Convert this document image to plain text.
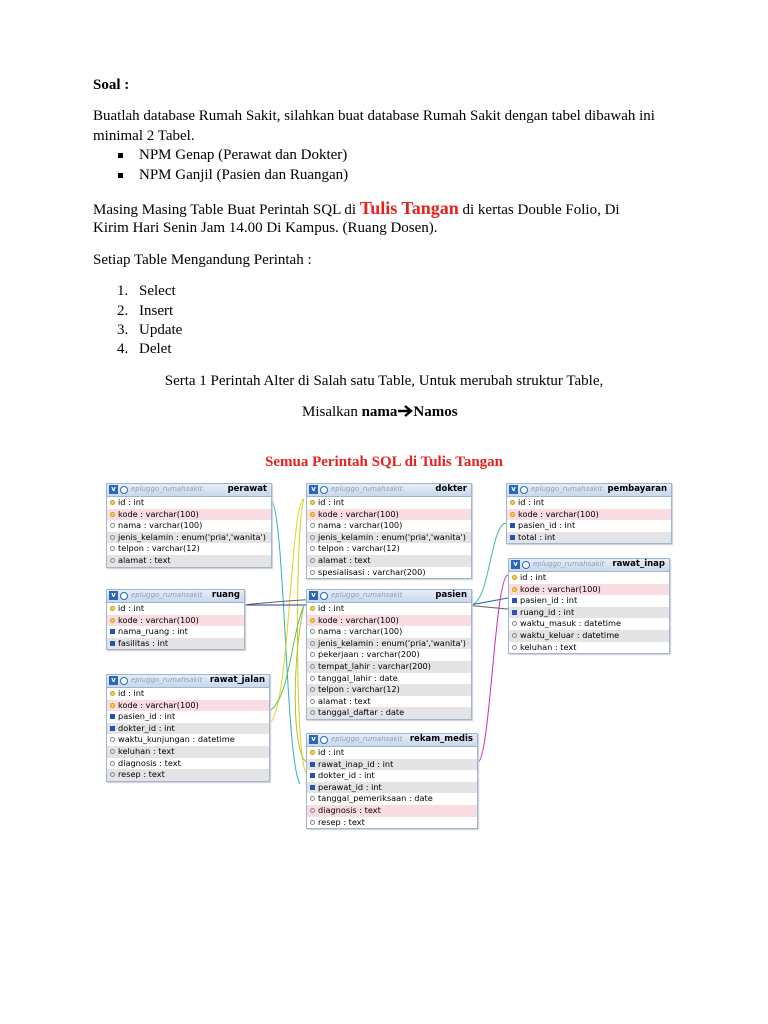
Soal :
Buatlah database Rumah Sakit, silahkan buat database Rumah Sakit dengan tabel dibawah ini
minimal 2 Tabel.
NPM Genap (Perawat dan Dokter)
NPM Ganjil (Pasien dan Ruangan)
Masing Masing Table Buat Perintah SQL di Tulis Tangan di kertas Double Folio, Di
Kirim Hari Senin Jam 14.00 Di Kampus. (Ruang Dosen).
Setiap Table Mengandung Perintah :
1. Select
2. Insert
3. Update
4. Delet
Serta 1 Perintah Alter di Salah satu Table, Untuk merubah struktur Table,
Misalkan nama Namos
Semua Perintah SQL di Tulis Tangan
v	epluggo_rumahsakit	perawat
id : int
kode : varchar(100)
nama : varchar(100)
jenis_kelamin : enum('pria','wanita')
telpon : varchar(12)
alamat : text
v	epluggo_rumahsakit	dokter
id : int
kode : varchar(100)
nama : varchar(100)
jenis_kelamin : enum('pria','wanita')
telpon : varchar(12)
alamat : text
spesialisasi : varchar(200)
v	epluggo_rumahsakit pembayaran
id : int
kode : varchar(100)
pasien_id : int
total : int
v	epluggo_rumahsakit ruang
id : int
kode : varchar(100)
nama_ruang : int
fasilitas : int
v	epluggo_rumahsakit	pasien
id : int
kode : varchar(100)
nama : varchar(100)
jenis_kelamin : enum('pria','wanita')
pekerjaan : varchar(200)
tempat_lahir : varchar(200)
tanggal_lahir : date
telpon : varchar(12)
alamat : text
tanggal_daftar : date
v	epluggo_rumahsakit rawat_inap
id : int
kode : varchar(100)
pasien_id : int
ruang_id : int
waktu_masuk : datetime
waktu_keluar : datetime
keluhan : text
v	epluggo_rumahsakit rawat_jalan
id : int
kode : varchar(100)
pasien_id : int
dokter_id : int
waktu_kunjungan : datetime
keluhan : text
diagnosis : text
resep : text
v	epluggo_rumahsakit rekam_medis
id : int
rawat_inap_id : int
dokter_id : int
perawat_id : int
tanggal_pemeriksaan : date
diagnosis : text
resep : text
